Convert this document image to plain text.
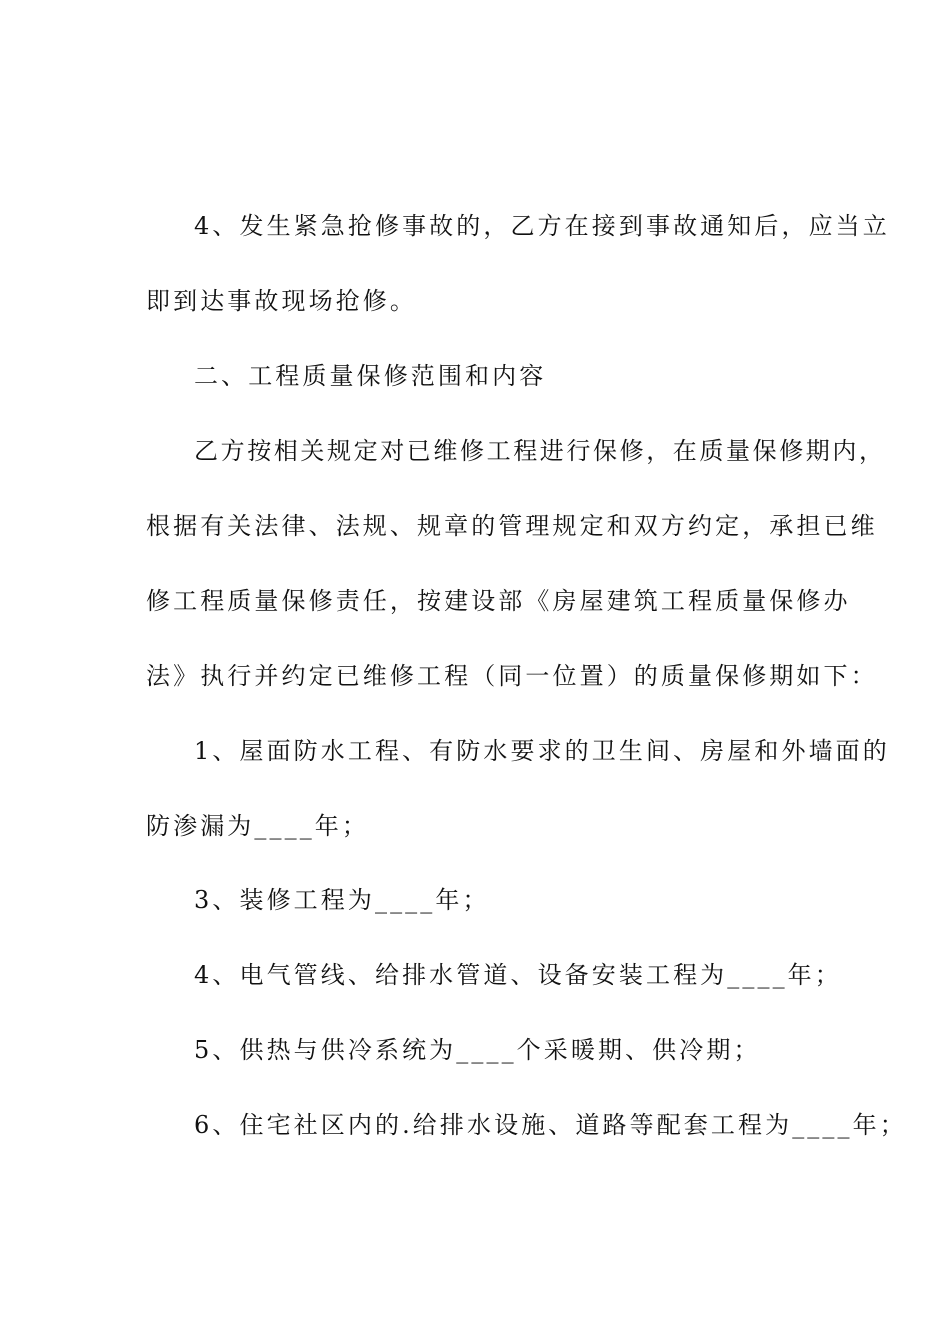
4、发生紧急抢修事故的，乙方在接到事故通知后，应当立
即到达事故现场抢修。
二、工程质量保修范围和内容
乙方按相关规定对已维修工程进行保修，在质量保修期内，
根据有关法律、法规、规章的管理规定和双方约定，承担已维
修工程质量保修责任，按建设部《房屋建筑工程质量保修办
法》执行并约定已维修工程（同一位置）的质量保修期如下：
1、屋面防水工程、有防水要求的卫生间、房屋和外墙面的
防渗漏为____年；
3、装修工程为____年；
4、电气管线、给排水管道、设备安装工程为____年；
5、供热与供冷系统为____个采暖期、供冷期；
6、住宅社区内的.给排水设施、道路等配套工程为____年；
